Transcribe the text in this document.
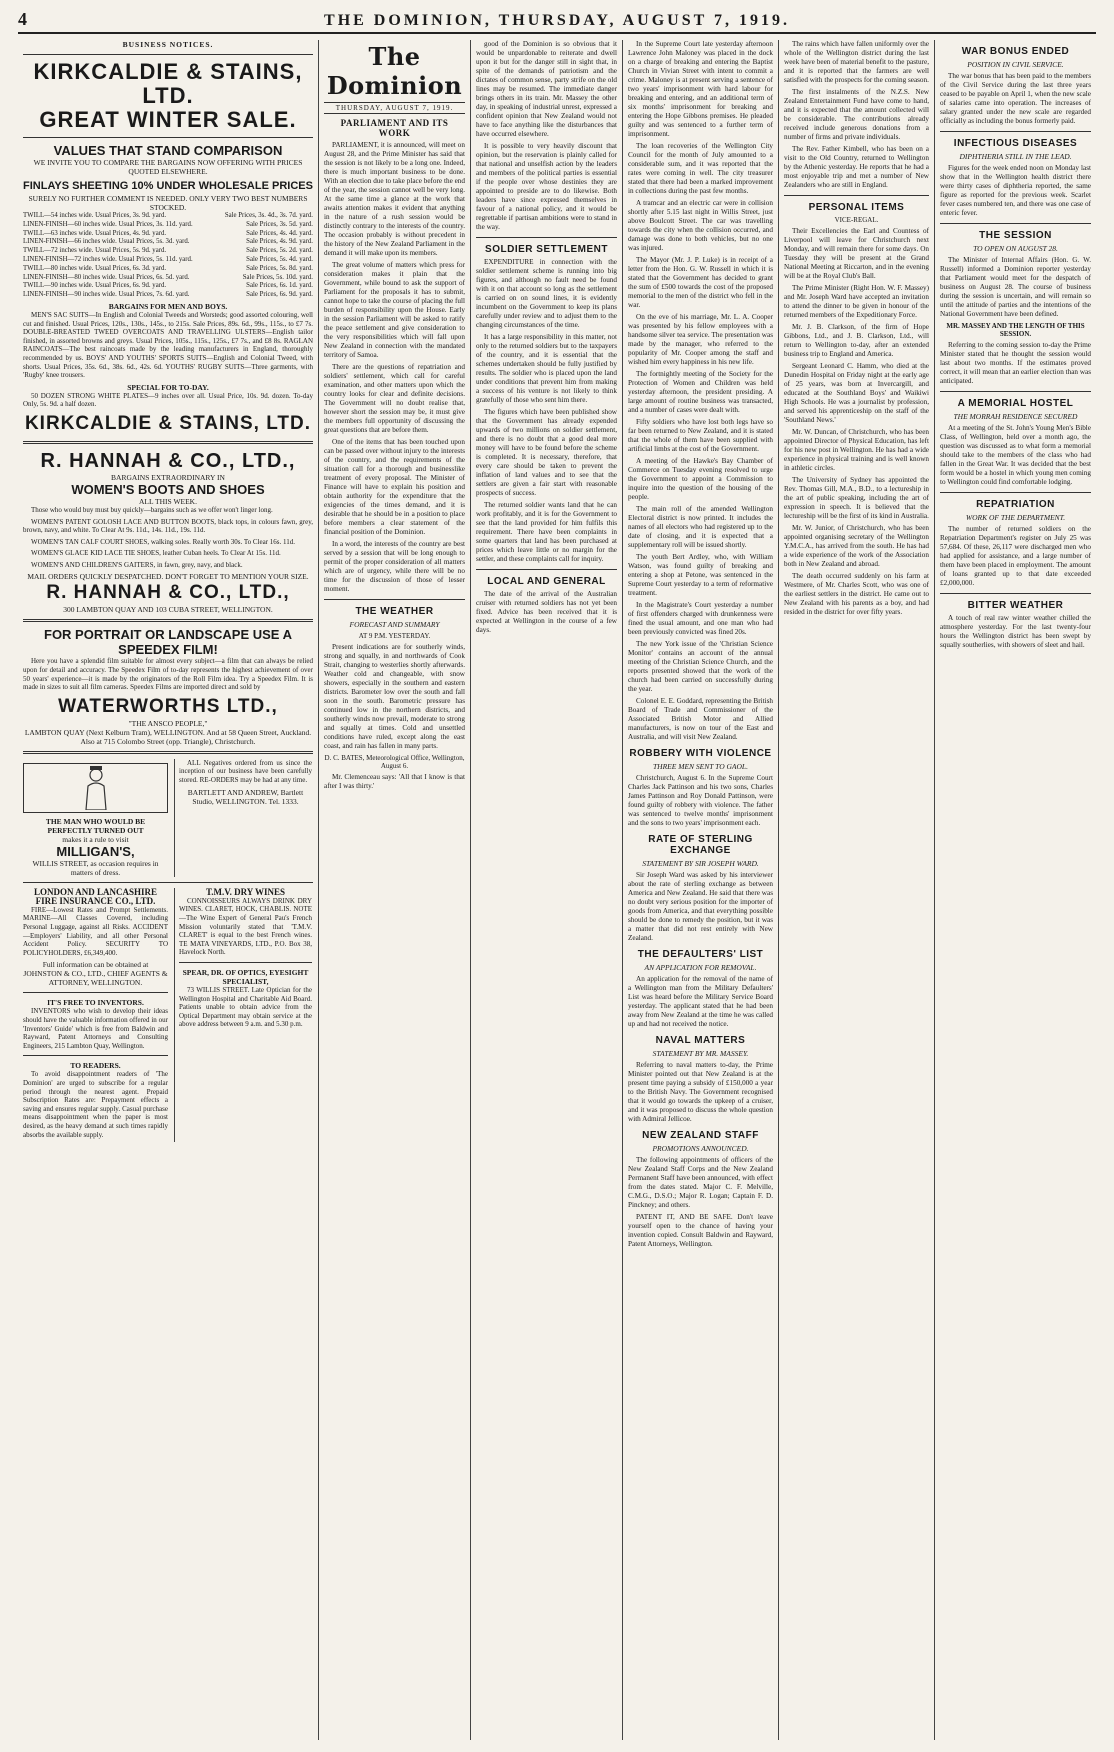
4	THE DOMINION, THURSDAY, AUGUST 7, 1919.
BUSINESS NOTICES.
KIRKCALDIE & STAINS, LTD.
GREAT WINTER SALE.
VALUES THAT STAND COMPARISON
WE INVITE YOU TO COMPARE THE BARGAINS NOW OFFERING WITH PRICES QUOTED ELSEWHERE.
FINLAYS SHEETING 10% UNDER WHOLESALE PRICES
SURELY NO FURTHER COMMENT IS NEEDED. ONLY VERY TWO BEST NUMBERS STOCKED.
TWILL—54 inches wide. Usual Prices, 3s. 9d. yard.	Sale Prices, 3s. 4d., 3s. 7d. yard.
LINEN-FINISH—60 inches wide. Usual Prices, 3s. 11d. yard.	Sale Prices, 3s. 5d. yard.
TWILL—63 inches wide. Usual Prices, 4s. 9d. yard.	Sale Prices, 4s. 4d. yard.
LINEN-FINISH—66 inches wide. Usual Prices, 5s. 3d. yard.	Sale Prices, 4s. 9d. yard.
TWILL—72 inches wide. Usual Prices, 5s. 9d. yard.	Sale Prices, 5s. 2d. yard.
LINEN-FINISH—72 inches wide. Usual Prices, 5s. 11d. yard.	Sale Prices, 5s. 4d. yard.
TWILL—80 inches wide. Usual Prices, 6s. 3d. yard.	Sale Prices, 5s. 8d. yard.
LINEN-FINISH—80 inches wide. Usual Prices, 6s. 5d. yard.	Sale Prices, 5s. 10d. yard.
TWILL—90 inches wide. Usual Prices, 6s. 9d. yard.	Sale Prices, 6s. 1d. yard.
LINEN-FINISH—90 inches wide. Usual Prices, 7s. 6d. yard.	Sale Prices, 6s. 9d. yard.
BARGAINS FOR MEN AND BOYS.
MEN'S SAC SUITS—In English and Colonial Tweeds and Worsteds; good assorted colouring, well cut and finished. Usual Prices, 120s., 130s., 145s., to 215s. Sale Prices, 89s. 6d., 99s., 115s., to £7 7s. DOUBLE-BREASTED TWEED OVERCOATS AND TRAVELLING ULSTERS—English tailor finished, in assorted browns and greys. Usual Prices, 105s., 115s., 125s., £7 7s., and £8 8s. RAGLAN RAINCOATS—The best raincoats made by the leading manufacturers in England, thoroughly recommended by us. BOYS' AND YOUTHS' SPORTS SUITS—English and Colonial Tweed, with shorts. Usual Prices, 35s. 6d., 38s. 6d., 42s. 6d. YOUTHS' RUGBY SUITS—Three garments, with 'Rugby' knee trousers.
SPECIAL FOR TO-DAY.
50 DOZEN STRONG WHITE PLATES—9 inches over all. Usual Price, 10s. 9d. dozen. To-day Only, 5s. 9d. a half dozen.
KIRKCALDIE & STAINS, LTD.
R. HANNAH & CO., LTD.,
BARGAINS EXTRAORDINARY IN
WOMEN'S BOOTS AND SHOES
ALL THIS WEEK.
Those who would buy must buy quickly—bargains such as we offer won't linger long.
WOMEN'S PATENT GOLOSH LACE AND BUTTON BOOTS, black tops, in colours fawn, grey, brown, navy, and white. To Clear At 9s. 11d., 14s. 11d., 19s. 11d.
WOMEN'S TAN CALF COURT SHOES, walking soles. Really worth 30s. To Clear 16s. 11d.
WOMEN'S GLACE KID LACE TIE SHOES, leather Cuban heels. To Clear At 15s. 11d.
WOMEN'S AND CHILDREN'S GAITERS, in fawn, grey, navy, and black.
MAIL ORDERS QUICKLY DESPATCHED. DON'T FORGET TO MENTION YOUR SIZE.
R. HANNAH & CO., LTD.,
300 LAMBTON QUAY AND 103 CUBA STREET, WELLINGTON.
FOR PORTRAIT OR LANDSCAPE USE A SPEEDEX FILM!
Here you have a splendid film suitable for almost every subject—a film that can always be relied upon for detail and accuracy. The Speedex Film of to-day represents the highest achievement of over 50 years' experience—it is made by the originators of the Roll Film idea. Try a Speedex Film. It is made in sizes to suit all film cameras. Speedex Films are imported direct and sold by
WATERWORTHS LTD.,
"THE ANSCO PEOPLE,"
LAMBTON QUAY (Next Kelburn Tram), WELLINGTON. And at 58 Queen Street, Auckland. Also at 715 Colombo Street (opp. Triangle), Christchurch.
THE MAN WHO WOULD BE PERFECTLY TURNED OUT
makes it a rule to visit
MILLIGAN'S,
WILLIS STREET, as occasion requires in matters of dress.
ALL Negatives ordered from us since the inception of our business have been carefully stored. RE-ORDERS may be had at any time.
BARTLETT AND ANDREW, Bartlett Studio, WELLINGTON. Tel. 1333.
LONDON AND LANCASHIRE FIRE INSURANCE CO., LTD.
FIRE—Lowest Rates and Prompt Settlements. MARINE—All Classes Covered, including Personal Luggage, against all Risks. ACCIDENT—Employers' Liability, and all other Personal Accident Policy. SECURITY TO POLICYHOLDERS, £6,349,400.
Full information can be obtained at JOHNSTON & CO., LTD., CHIEF AGENTS & ATTORNEY, WELLINGTON.
IT'S FREE TO INVENTORS.
INVENTORS who wish to develop their ideas should have the valuable information offered in our 'Inventors' Guide' which is free from Baldwin and Rayward, Patent Attorneys and Consulting Engineers, 215 Lambton Quay, Wellington.
TO READERS.
To avoid disappointment readers of 'The Dominion' are urged to subscribe for a regular period through the nearest agent. Prepaid Subscription Rates are: Prepayment effects a saving and ensures regular supply. Casual purchase means disappointment when the paper is most desired, as the heavy demand at such times rapidly absorbs the available supply.
T.M.V. DRY WINES
CONNOISSEURS ALWAYS DRINK DRY WINES. CLARET, HOCK, CHABLIS. NOTE—The Wine Expert of General Pau's French Mission voluntarily stated that 'T.M.V. CLARET' is equal to the best French wines. TE MATA VINEYARDS, LTD., P.O. Box 38, Havelock North.
SPEAR, DR. OF OPTICS, EYESIGHT SPECIALIST,
73 WILLIS STREET. Late Optician for the Wellington Hospital and Charitable Aid Board. Patients unable to obtain advice from the Optical Department may obtain service at the above address between 9 a.m. and 5.30 p.m.
The Dominion
THURSDAY, AUGUST 7, 1919.
PARLIAMENT AND ITS WORK
PARLIAMENT, it is announced, will meet on August 28, and the Prime Minister has said that the session is not likely to be a long one. Indeed, there is much important business to be done. With an election due to take place before the end of the year, the session cannot well be very long. At the same time a glance at the work that awaits attention makes it evident that anything in the nature of a rush session would be distinctly contrary to the interests of the country. The occasion probably is without precedent in the history of the New Zealand Parliament in the demand it will make upon its members.
The great volume of matters which press for consideration makes it plain that the Government, while bound to ask the support of Parliament for the proposals it has to submit, cannot hope to take the course of placing the full burden of responsibility upon the House. Early in the session Parliament will be asked to ratify the peace settlement and give consideration to the very responsibilities which will fall upon New Zealand in connection with the mandated territory of Samoa.
There are the questions of repatriation and soldiers' settlement, which call for careful examination, and other matters upon which the country looks for clear and definite decisions. The Government will no doubt realise that, however short the session may be, it must give the members full opportunity of discussing the great questions that are before them.
One of the items that has been touched upon can be passed over without injury to the interests of the country, and the requirements of the situation call for a thorough and businesslike treatment of every proposal. The Minister of Finance will have to explain his position and obtain authority for the expenditure that the exigencies of the times demand, and it is desirable that he should be in a position to place before members a clear statement of the financial position of the Dominion.
In a word, the interests of the country are best served by a session that will be long enough to permit of the proper consideration of all matters which are of urgency, while there will be no time for the discussion of those of lesser moment.
THE WEATHER
FORECAST AND SUMMARY
AT 9 P.M. YESTERDAY.
Present indications are for southerly winds, strong and squally, in and northwards of Cook Strait, changing to westerlies shortly afterwards. Weather cold and changeable, with snow showers, especially in the southern and eastern districts. Barometer low over the south and fall soon in the south. Barometric pressure has continued low in the northern districts, and southerly winds now prevail, moderate to strong and squally at times. Cold and unsettled conditions have ruled, except along the east coast, and rain has fallen in many parts.
D. C. BATES, Meteorological Office, Wellington, August 6.
Mr. Clemenceau says: 'All that I know is that after I was thirty.'
good of the Dominion is so obvious that it would be unpardonable to reiterate and dwell upon it but for the danger still in sight that, in spite of the demands of patriotism and the dictates of common sense, party strife on the old lines may be resumed. The immediate danger brings others in its train. Mr. Massey the other day, in speaking of industrial unrest, expressed a confident opinion that New Zealand would not have to face anything like the disturbances that have occurred elsewhere.
It is possible to very heavily discount that opinion, but the reservation is plainly called for that national and unselfish action by the leaders and members of the political parties is essential if the people over whose destinies they are appointed to preside are to do likewise. Both leaders have since expressed themselves in favour of a national policy, and it would be regrettable if partisan ambitions were to stand in the way.
SOLDIER SETTLEMENT
EXPENDITURE in connection with the soldier settlement scheme is running into big figures, and although no fault need be found with it on that account so long as the settlement is carried on on sound lines, it is evidently incumbent on the Government to keep its plans carefully under review and to adjust them to the changing circumstances of the time.
It has a large responsibility in this matter, not only to the returned soldiers but to the taxpayers of the country, and it is essential that the schemes undertaken should be fully justified by results. The soldier who is placed upon the land under conditions that prevent him from making a success of his venture is not likely to think gratefully of those who sent him there.
The figures which have been published show that the Government has already expended upwards of two millions on soldier settlement, and there is no doubt that a good deal more money will have to be found before the scheme is completed. It is necessary, therefore, that every care should be taken to prevent the inflation of land values and to see that the settlers are given a fair start with reasonable prospects of success.
The returned soldier wants land that he can work profitably, and it is for the Government to see that the land provided for him fulfils this requirement. There have been complaints in some quarters that land has been purchased at prices which leave little or no margin for the settler, and these complaints call for inquiry.
LOCAL AND GENERAL
The date of the arrival of the Australian cruiser with returned soldiers has not yet been fixed. Advice has been received that it is expected at Wellington in the course of a few days.
In the Supreme Court late yesterday afternoon Lawrence John Maloney was placed in the dock on a charge of breaking and entering the Baptist Church in Vivian Street with intent to commit a crime. Maloney is at present serving a sentence of two years' imprisonment with hard labour for breaking and entering, and an additional term of six months' imprisonment for breaking and entering the Hope Gibbons premises. He pleaded guilty and was sentenced to a further term of imprisonment.
The loan recoveries of the Wellington City Council for the month of July amounted to a considerable sum, and it was reported that the rates were coming in well. The city treasurer stated that there had been a marked improvement in collections during the past few months.
A tramcar and an electric car were in collision shortly after 5.15 last night in Willis Street, just above Boulcott Street. The car was travelling towards the city when the collision occurred, and damage was done to both vehicles, but no one was injured.
The Mayor (Mr. J. P. Luke) is in receipt of a letter from the Hon. G. W. Russell in which it is stated that the Government has decided to grant the sum of £500 towards the cost of the proposed memorial to the men of the district who fell in the war.
On the eve of his marriage, Mr. L. A. Cooper was presented by his fellow employees with a handsome silver tea service. The presentation was made by the manager, who referred to the popularity of Mr. Cooper among the staff and wished him every happiness in his new life.
The fortnightly meeting of the Society for the Protection of Women and Children was held yesterday afternoon, the president presiding. A large amount of routine business was transacted, and a number of cases were dealt with.
Fifty soldiers who have lost both legs have so far been returned to New Zealand, and it is stated that the whole of them have been supplied with artificial limbs at the cost of the Government.
A meeting of the Hawke's Bay Chamber of Commerce on Tuesday evening resolved to urge the Government to appoint a Commission to inquire into the question of the housing of the people.
The main roll of the amended Wellington Electoral district is now printed. It includes the names of all electors who had registered up to the date of closing, and it is expected that a supplementary roll will be issued shortly.
The youth Bert Ardley, who, with William Watson, was found guilty of breaking and entering a shop at Petone, was sentenced in the Supreme Court yesterday to a term of reformative treatment.
In the Magistrate's Court yesterday a number of first offenders charged with drunkenness were fined the usual amount, and one man who had been previously convicted was fined 20s.
The new York issue of the 'Christian Science Monitor' contains an account of the annual meeting of the Christian Science Church, and the reports presented showed that the work of the church had been carried on successfully during the year.
Colonel E. E. Goddard, representing the British Board of Trade and Commissioner of the Associated British Motor and Allied manufacturers, is now on tour of the East and Australia, and will visit New Zealand.
ROBBERY WITH VIOLENCE
THREE MEN SENT TO GAOL.
Christchurch, August 6. In the Supreme Court Charles Jack Pattinson and his two sons, Charles James Pattinson and Roy Donald Pattinson, were found guilty of robbery with violence. The father was sentenced to twelve months' imprisonment and the sons to two years' imprisonment each.
RATE OF STERLING EXCHANGE
STATEMENT BY SIR JOSEPH WARD.
Sir Joseph Ward was asked by his interviewer about the rate of sterling exchange as between America and New Zealand. He said that there was no doubt very serious position for the importer of goods from America, and that everything possible should be done to remedy the position, but it was a matter that did not rest entirely with New Zealand.
THE DEFAULTERS' LIST
AN APPLICATION FOR REMOVAL.
An application for the removal of the name of a Wellington man from the Military Defaulters' List was heard before the Military Service Board yesterday. The applicant stated that he had been away from New Zealand at the time he was called up and had not received the notice.
NAVAL MATTERS
STATEMENT BY MR. MASSEY.
Referring to naval matters to-day, the Prime Minister pointed out that New Zealand is at the present time paying a subsidy of £150,000 a year to the British Navy. The Government recognised that it would go towards the upkeep of a cruiser, and it was proposed to discuss the whole question with Admiral Jellicoe.
NEW ZEALAND STAFF
PROMOTIONS ANNOUNCED.
The following appointments of officers of the New Zealand Staff Corps and the New Zealand Permanent Staff have been announced, with effect from the dates stated. Major C. F. Melville, C.M.G., D.S.O.; Major R. Logan; Captain F. D. Pinckney; and others.
PATENT IT, AND BE SAFE. Don't leave yourself open to the chance of having your invention copied. Consult Baldwin and Rayward, Patent Attorneys, Wellington.
The rains which have fallen uniformly over the whole of the Wellington district during the last week have been of material benefit to the pasture, and it is reported that the farmers are well satisfied with the prospects for the coming season.
The first instalments of the N.Z.S. New Zealand Entertainment Fund have come to hand, and it is expected that the amount collected will be considerable. The contributions already received include generous donations from a number of firms and private individuals.
The Rev. Father Kimbell, who has been on a visit to the Old Country, returned to Wellington by the Athenic yesterday. He reports that he had a most enjoyable trip and met a number of New Zealanders who are still in England.
PERSONAL ITEMS
VICE-REGAL.
Their Excellencies the Earl and Countess of Liverpool will leave for Christchurch next Monday, and will remain there for some days. On Tuesday they will be present at the Grand National Meeting at Riccarton, and in the evening will be at the Royal Club's Ball.
The Prime Minister (Right Hon. W. F. Massey) and Mr. Joseph Ward have accepted an invitation to attend the dinner to be given in honour of the returned members of the Expeditionary Force.
Mr. J. B. Clarkson, of the firm of Hope Gibbons, Ltd., and J. B. Clarkson, Ltd., will return to Wellington to-day, after an extended business trip to England and America.
Sergeant Leonard C. Hamm, who died at the Dunedin Hospital on Friday night at the early age of 25 years, was born at Invercargill, and educated at the Southland Boys' and Waikiwi High Schools. He was a journalist by profession, and served his apprenticeship on the staff of the 'Southland News.'
Mr. W. Duncan, of Christchurch, who has been appointed Director of Physical Education, has left for his new post in Wellington. He has had a wide experience in physical training and is well known in athletic circles.
The University of Sydney has appointed the Rev. Thomas Gill, M.A., B.D., to a lectureship in the art of public speaking, including the art of expression in speech. It is believed that the lectureship will be the first of its kind in Australia.
Mr. W. Junior, of Christchurch, who has been appointed organising secretary of the Wellington Y.M.C.A., has arrived from the south. He has had a wide experience of the work of the Association both in New Zealand and abroad.
The death occurred suddenly on his farm at Westmere, of Mr. Charles Scott, who was one of the earliest settlers in the district. He came out to New Zealand with his parents as a boy, and had resided in the district for over fifty years.
WAR BONUS ENDED
POSITION IN CIVIL SERVICE.
The war bonus that has been paid to the members of the Civil Service during the last three years ceased to be payable on April 1, when the new scale of salaries came into operation. The increases of salary granted under the new scale are regarded officially as including the bonus formerly paid.
INFECTIOUS DISEASES
DIPHTHERIA STILL IN THE LEAD.
Figures for the week ended noon on Monday last show that in the Wellington health district there were thirty cases of diphtheria reported, the same figure as reported for the previous week. Scarlet fever cases numbered ten, and there was one case of enteric fever.
THE SESSION
TO OPEN ON AUGUST 28.
The Minister of Internal Affairs (Hon. G. W. Russell) informed a Dominion reporter yesterday that Parliament would meet for the despatch of business on August 28. The course of business during the session is uncertain, and will remain so until the attitude of parties and the intentions of the National Government have been defined.
MR. MASSEY AND THE LENGTH OF THIS SESSION.
Referring to the coming session to-day the Prime Minister stated that he thought the session would last about two months. If the estimates proved correct, it will mean that an earlier election than was anticipated.
A MEMORIAL HOSTEL
THE MORRAH RESIDENCE SECURED
At a meeting of the St. John's Young Men's Bible Class, of Wellington, held over a month ago, the question was discussed as to what form a memorial should take to the members of the class who had fallen in the Great War. It was decided that the best form would be a hostel in which young men coming to Wellington could find comfortable lodging.
REPATRIATION
WORK OF THE DEPARTMENT.
The number of returned soldiers on the Repatriation Department's register on July 25 was 57,684. Of these, 26,117 were discharged men who had applied for assistance, and a large number of them have been placed in employment. The amount of loans granted up to that date exceeded £2,000,000.
BITTER WEATHER
A touch of real raw winter weather chilled the atmosphere yesterday. For the last twenty-four hours the Wellington district has been swept by squally southerlies, with showers of sleet and hail.
